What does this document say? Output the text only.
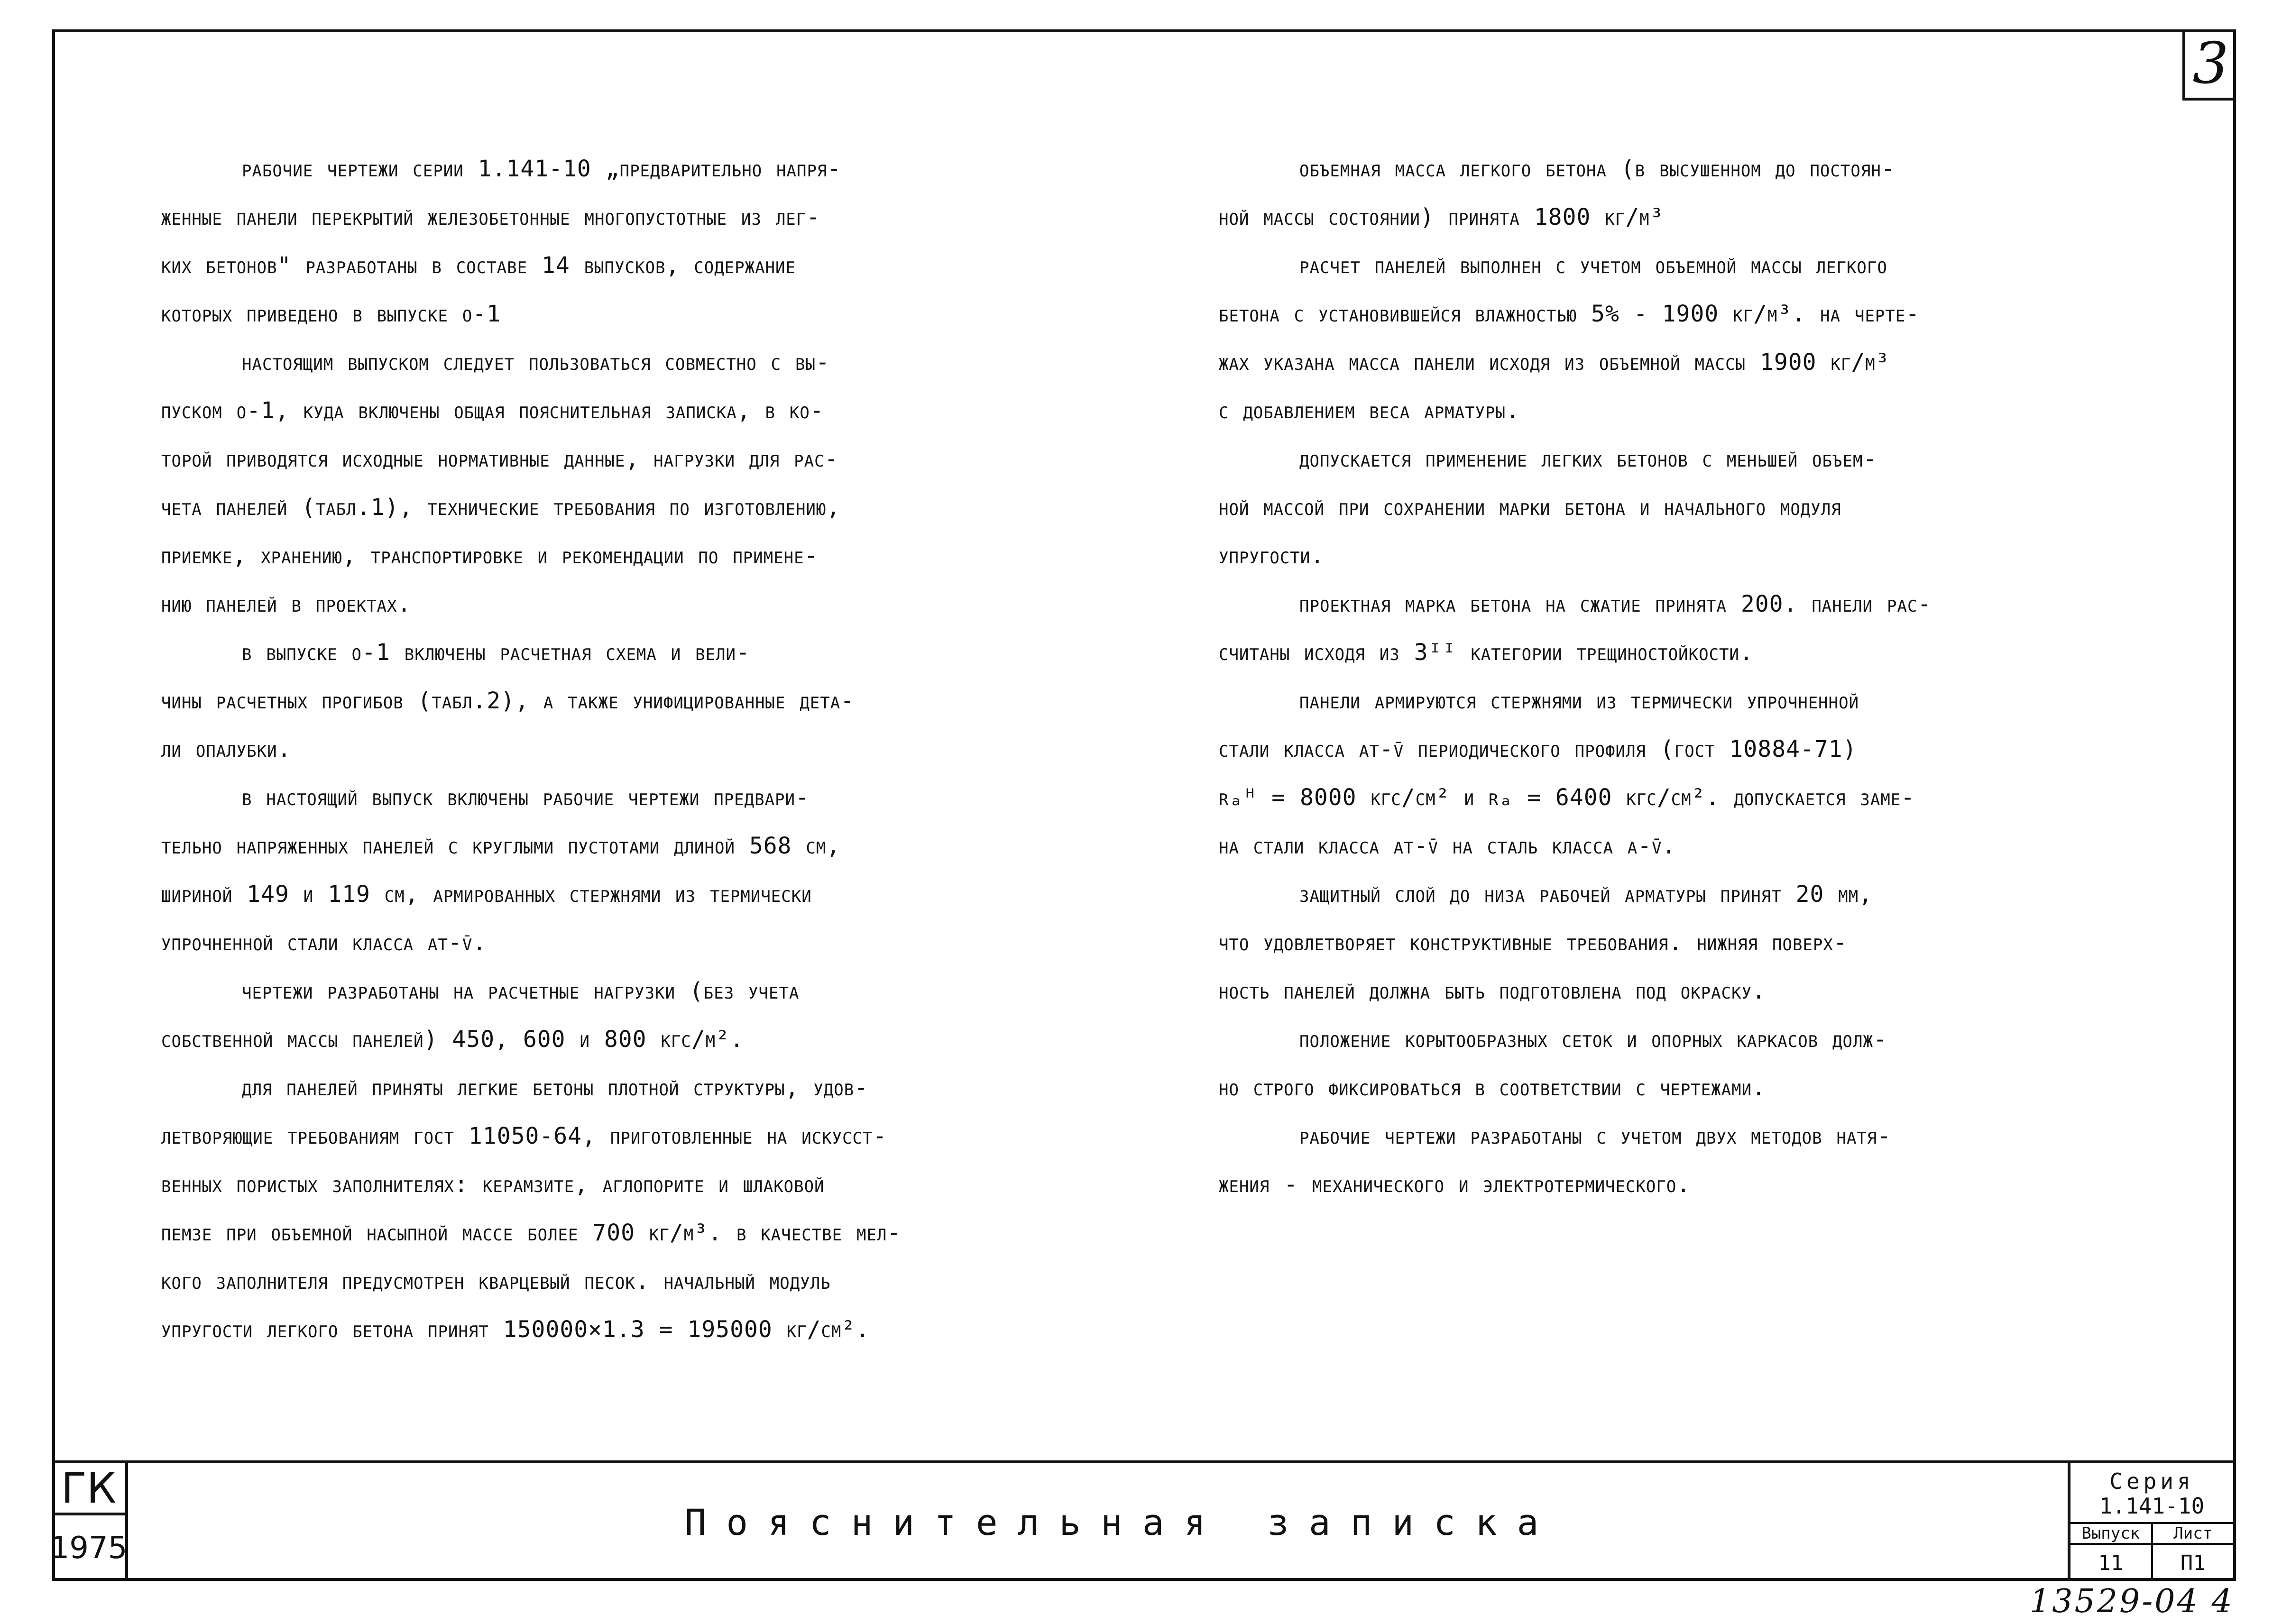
3

рабочие чертежи серии 1.141-10 „предварительно напря-

женные панели перекрытий железобетонные многопустотные из лег-

ких бетонов" разработаны в составе 14 выпусков, содержание

которых приведено в выпуске о-1

настоящим выпуском следует пользоваться совместно с вы-

пуском о-1, куда включены общая пояснительная записка, в ко-

торой приводятся исходные нормативные данные, нагрузки для рас-

чета панелей (табл.1), технические требования по изготовлению,

приемке, хранению, транспортировке и рекомендации по примене-

нию панелей в проектах.

в выпуске о-1 включены расчетная схема и вели-

чины расчетных прогибов (табл.2), а также унифицированные дета-

ли опалубки.

в настоящий выпуск включены рабочие чертежи предвари-

тельно напряженных панелей с круглыми пустотами длиной 568 см,

шириной 149 и 119 см, армированных стержнями из термически

упрочненной стали класса ат-v̄.

чертежи разработаны на расчетные нагрузки (без учета

собственной массы панелей) 450, 600 и 800 кгс/м².

для панелей приняты легкие бетоны плотной структуры, удов-

летворяющие требованиям гост 11050-64, приготовленные на искусст-

венных пористых заполнителях: керамзите, аглопорите и шлаковой

пемзе при объемной насыпной массе более 700 кг/м³. в качестве мел-

кого заполнителя предусмотрен кварцевый песок. начальный модуль

упругости легкого бетона принят 150000×1.3 = 195000 кг/см².

объемная масса легкого бетона (в высушенном до постоян-

ной массы состоянии) принята 1800 кг/м³

расчет панелей выполнен с учетом объемной массы легкого

бетона с установившейся влажностью 5% - 1900 кг/м³. на черте-

жах указана масса панели исходя из объемной массы 1900 кг/м³

с добавлением веса арматуры.

допускается применение легких бетонов с меньшей объем-

ной массой при сохранении марки бетона и начального модуля

упругости.

проектная марка бетона на сжатие принята 200. панели рас-

считаны исходя из 3ᴵᴵ категории трещиностойкости.

панели армируются стержнями из термически упрочненной

стали класса ат-v̄ периодического профиля (гост 10884-71)

rₐᴴ = 8000 кгс/см² и rₐ = 6400 кгс/см². допускается заме-

на стали класса ат-v̄ на сталь класса а-v̄.

защитный слой до низа рабочей арматуры принят 20 мм,

что удовлетворяет конструктивные требования. нижняя поверх-

ность панелей должна быть подготовлена под окраску.

положение корытообразных сеток и опорных каркасов долж-

но строго фиксироваться в соответствии с чертежами.

рабочие чертежи разработаны с учетом двух методов натя-

жения - механического и электротермического.

ГК
1975
Пояснительная записка
Серия
1.141-10
Выпуск	Лист
11	П1
13529-04 4
